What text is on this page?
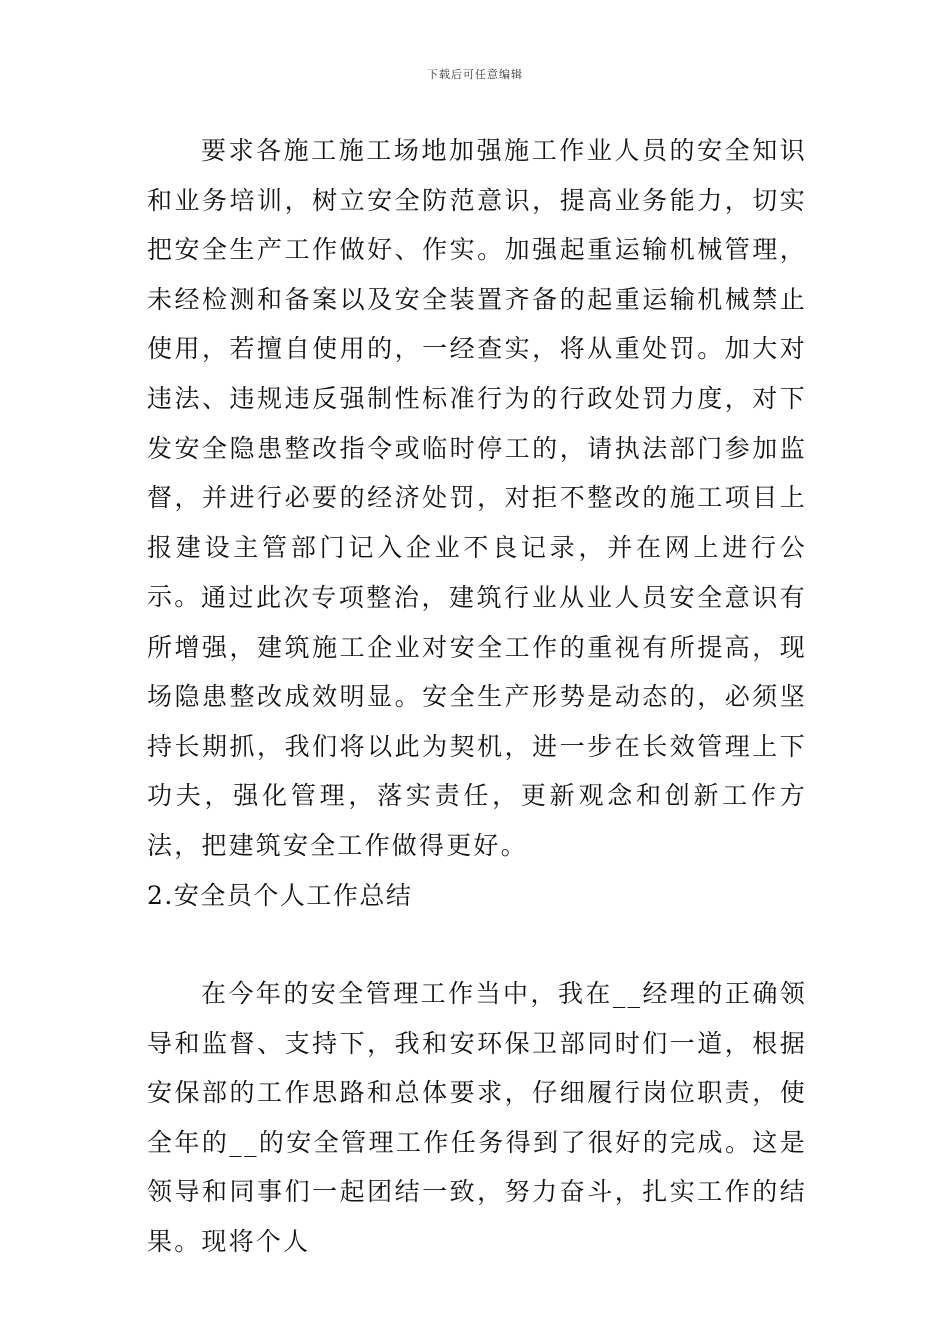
下载后可任意编辑

要求各施工施工场地加强施工作业人员的安全知识和业务培训，树立安全防范意识，提高业务能力，切实把安全生产工作做好、作实。加强起重运输机械管理，未经检测和备案以及安全装置齐备的起重运输机械禁止使用，若擅自使用的，一经查实，将从重处罚。加大对违法、违规违反强制性标准行为的行政处罚力度，对下发安全隐患整改指令或临时停工的，请执法部门参加监督，并进行必要的经济处罚，对拒不整改的施工项目上报建设主管部门记入企业不良记录，并在网上进行公示。 通过此次专项整治，建筑行业从业人员安全意识有所增强，建筑施工企业对安全工作的重视有所提高，现场隐患整改成效明显。安全生产形势是动态的，必须坚持长期抓，我们将以此为契机，进一步在长效管理上下功夫，强化管理，落实责任，更新观念和创新工作方法，把建筑安全工作做得更好。

2.安全员个人工作总结

在今年的安全管理工作当中，我在__经理的正确领导和监督、支持下，我和安环保卫部同时们一道，根据安保部的工作思路和总体要求，仔细履行岗位职责，使全年的__的安全管理工作任务得到了很好的完成。这是领导和同事们一起团结一致，努力奋斗，扎实工作的结果。现将个人
